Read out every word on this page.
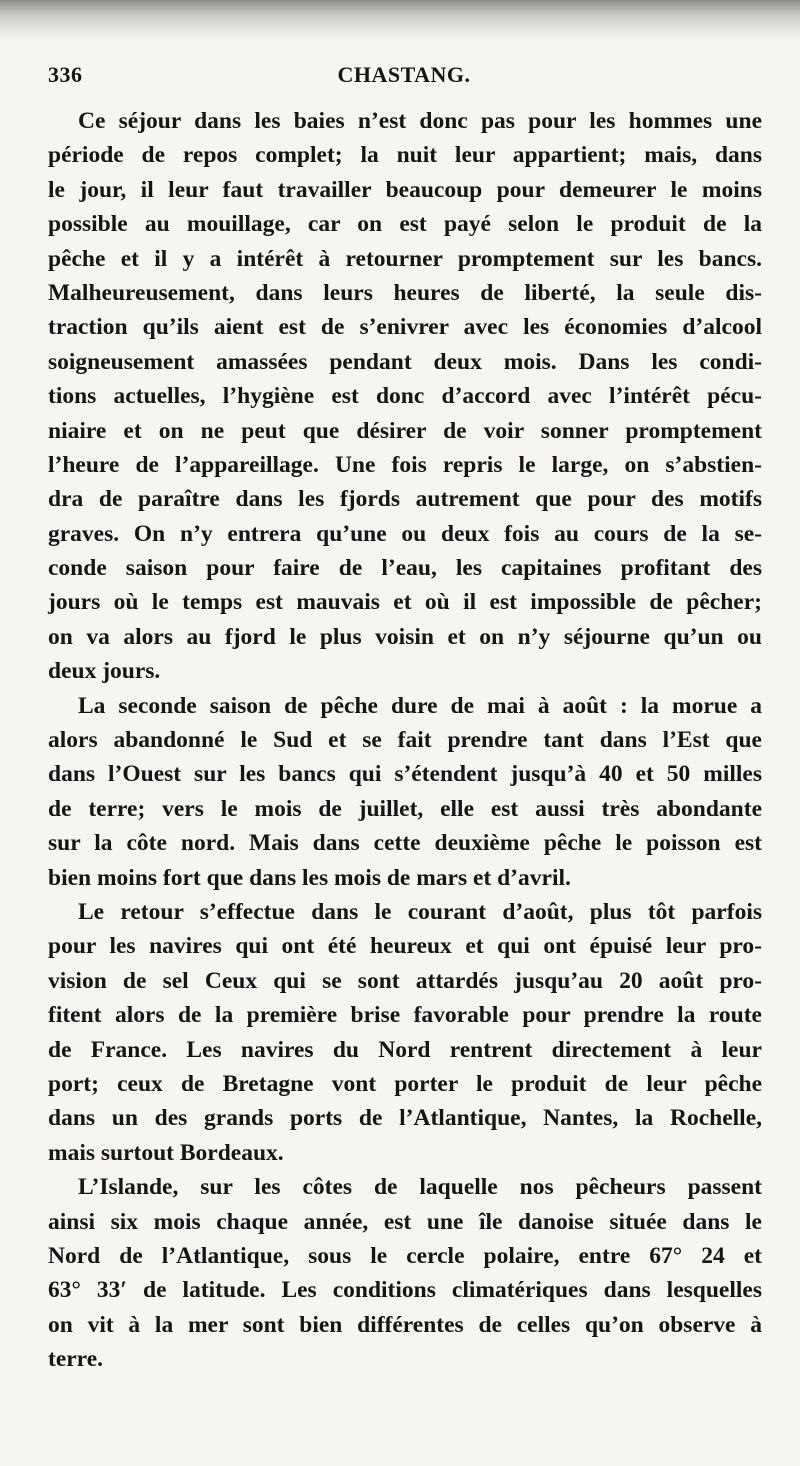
336	CHASTANG.
Ce séjour dans les baies n’est donc pas pour les hommes une
période de repos complet; la nuit leur appartient; mais, dans
le jour, il leur faut travailler beaucoup pour demeurer le moins
possible au mouillage, car on est payé selon le produit de la
pêche et il y a intérêt à retourner promptement sur les bancs.
Malheureusement, dans leurs heures de liberté, la seule dis-
traction qu’ils aient est de s’enivrer avec les économies d’alcool
soigneusement amassées pendant deux mois. Dans les condi-
tions actuelles, l’hygiène est donc d’accord avec l’intérêt pécu-
niaire et on ne peut que désirer de voir sonner promptement
l’heure de l’appareillage. Une fois repris le large, on s’abstien-
dra de paraître dans les fjords autrement que pour des motifs
graves. On n’y entrera qu’une ou deux fois au cours de la se-
conde saison pour faire de l’eau, les capitaines profitant des
jours où le temps est mauvais et où il est impossible de pêcher;
on va alors au fjord le plus voisin et on n’y séjourne qu’un ou
deux jours.
La seconde saison de pêche dure de mai à août : la morue a
alors abandonné le Sud et se fait prendre tant dans l’Est que
dans l’Ouest sur les bancs qui s’étendent jusqu’à 40 et 50 milles
de terre; vers le mois de juillet, elle est aussi très abondante
sur la côte nord. Mais dans cette deuxième pêche le poisson est
bien moins fort que dans les mois de mars et d’avril.
Le retour s’effectue dans le courant d’août, plus tôt parfois
pour les navires qui ont été heureux et qui ont épuisé leur pro-
vision de sel Ceux qui se sont attardés jusqu’au 20 août pro-
fitent alors de la première brise favorable pour prendre la route
de France. Les navires du Nord rentrent directement à leur
port; ceux de Bretagne vont porter le produit de leur pêche
dans un des grands ports de l’Atlantique, Nantes, la Rochelle,
mais surtout Bordeaux.
L’Islande, sur les côtes de laquelle nos pêcheurs passent
ainsi six mois chaque année, est une île danoise située dans le
Nord de l’Atlantique, sous le cercle polaire, entre 67° 24 et
63° 33′ de latitude. Les conditions climatériques dans lesquelles
on vit à la mer sont bien différentes de celles qu’on observe à
terre.
